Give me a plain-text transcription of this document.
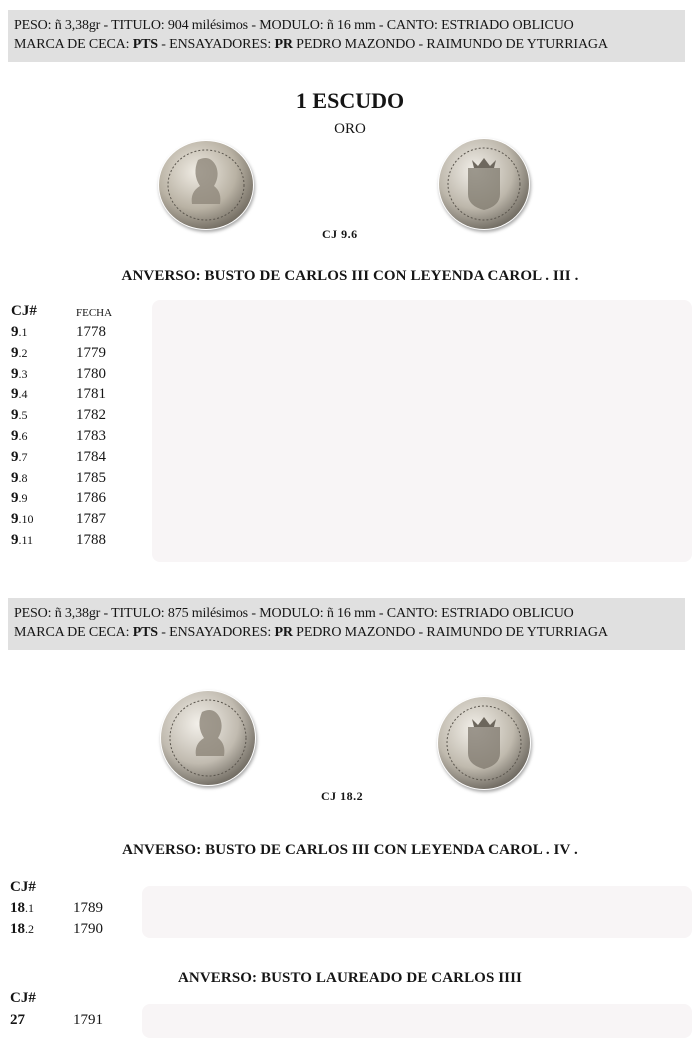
PESO: ñ 3,38gr - TITULO: 904 milésimos - MODULO: ñ 16 mm - CANTO: ESTRIADO OBLICUO
MARCA DE CECA: PTS - ENSAYADORES: PR PEDRO MAZONDO - RAIMUNDO DE YTURRIAGA
1 ESCUDO
ORO
CJ 9.6
ANVERSO: BUSTO DE CARLOS III CON LEYENDA CAROL . III .
CJ#	FECHA
9.1	1778
9.2	1779
9.3	1780
9.4	1781
9.5	1782
9.6	1783
9.7	1784
9.8	1785
9.9	1786
9.10	1787
9.11	1788
PESO: ñ 3,38gr - TITULO: 875 milésimos - MODULO: ñ 16 mm - CANTO: ESTRIADO OBLICUO
MARCA DE CECA: PTS - ENSAYADORES: PR PEDRO MAZONDO - RAIMUNDO DE YTURRIAGA
CJ 18.2
ANVERSO: BUSTO DE CARLOS III CON LEYENDA CAROL . IV .
CJ#
18.1	1789
18.2	1790
ANVERSO: BUSTO LAUREADO DE CARLOS IIII
CJ#
27	1791
